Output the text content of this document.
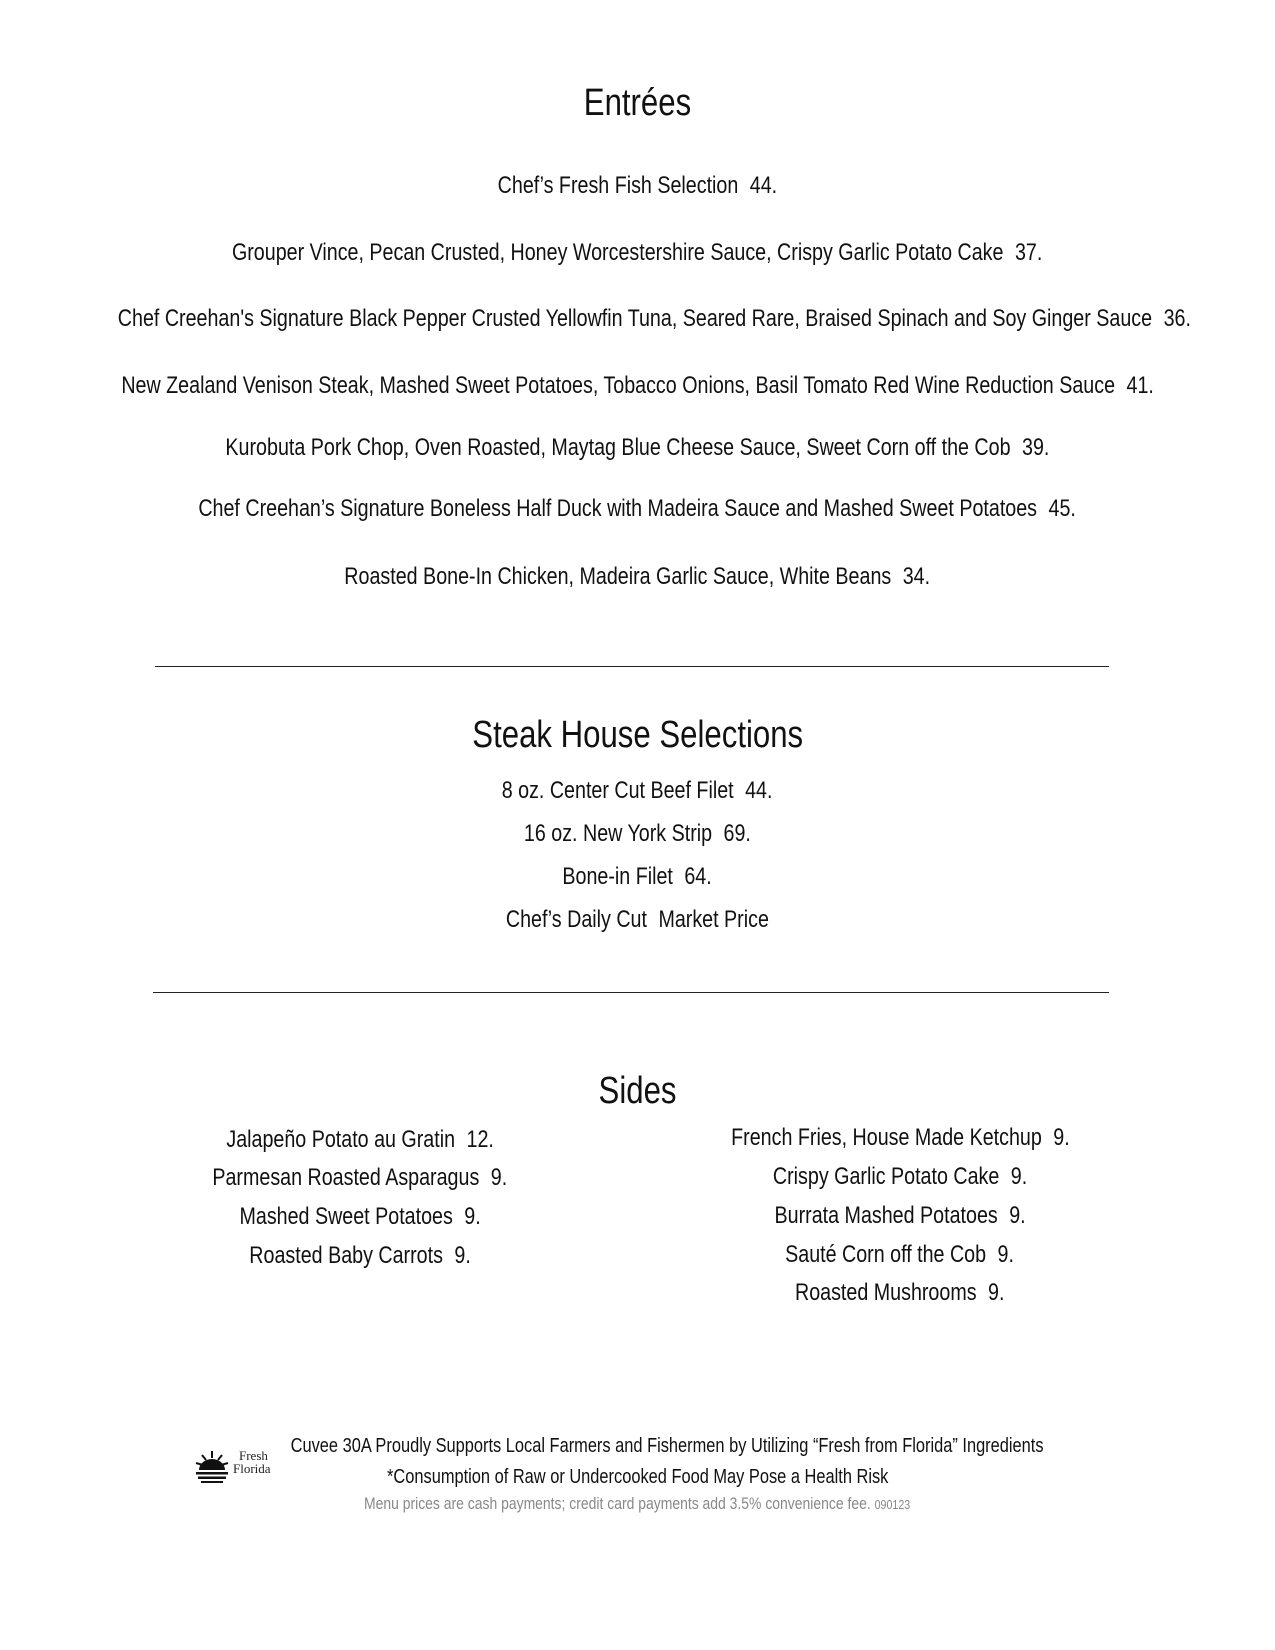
Entrées
Chef’s Fresh Fish Selection 44.
Grouper Vince, Pecan Crusted, Honey Worcestershire Sauce, Crispy Garlic Potato Cake 37.
Chef Creehan's Signature Black Pepper Crusted Yellowfin Tuna, Seared Rare, Braised Spinach and Soy Ginger Sauce 36.
New Zealand Venison Steak, Mashed Sweet Potatoes, Tobacco Onions, Basil Tomato Red Wine Reduction Sauce 41.
Kurobuta Pork Chop, Oven Roasted, Maytag Blue Cheese Sauce, Sweet Corn off the Cob 39.
Chef Creehan’s Signature Boneless Half Duck with Madeira Sauce and Mashed Sweet Potatoes 45.
Roasted Bone-In Chicken, Madeira Garlic Sauce, White Beans 34.
Steak House Selections
8 oz. Center Cut Beef Filet 44.
16 oz. New York Strip 69.
Bone-in Filet 64.
Chef’s Daily Cut Market Price
Sides
Jalapeño Potato au Gratin 12.
Parmesan Roasted Asparagus 9.
Mashed Sweet Potatoes 9.
Roasted Baby Carrots 9.
French Fries, House Made Ketchup 9.
Crispy Garlic Potato Cake 9.
Burrata Mashed Potatoes 9.
Sauté Corn off the Cob 9.
Roasted Mushrooms 9.
Fresh
Florida
Cuvee 30A Proudly Supports Local Farmers and Fishermen by Utilizing “Fresh from Florida” Ingredients
*Consumption of Raw or Undercooked Food May Pose a Health Risk
Menu prices are cash payments; credit card payments add 3.5% convenience fee. 090123
